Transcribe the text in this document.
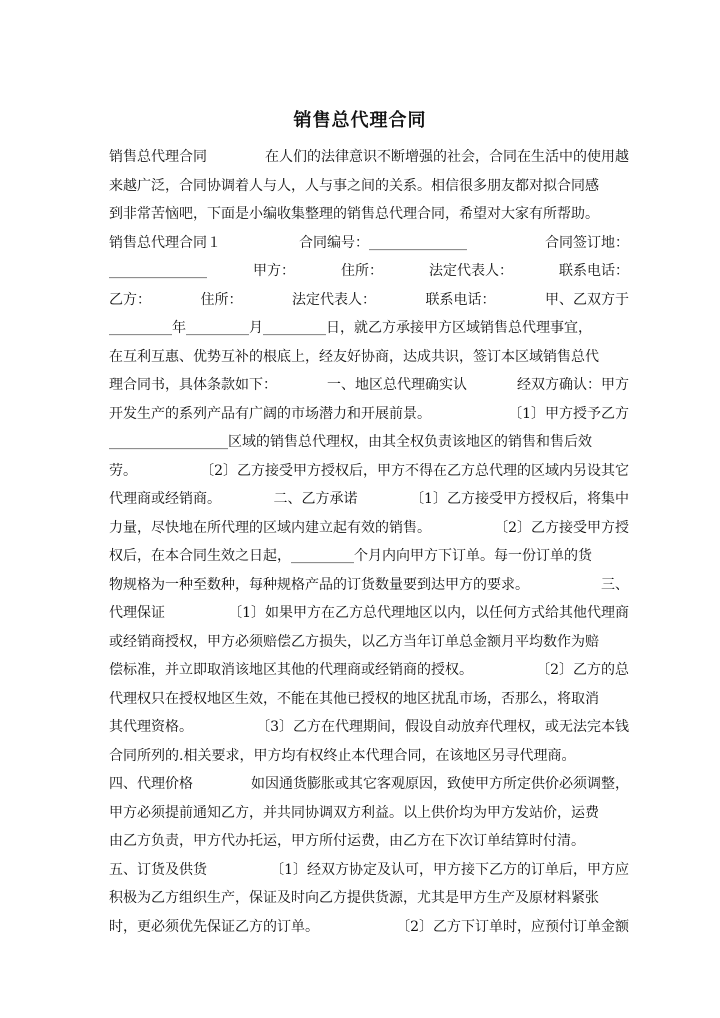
销售总代理合同
销售总代理合同	在人们的法律意识不断增强的社会，合同在生活中的使用越
来越广泛，合同协调着人与人，人与事之间的关系。相信很多朋友都对拟合同感
到非常苦恼吧，下面是小编收集整理的销售总代理合同，希望对大家有所帮助。
销售总代理合同１	合同编号：______________	合同签订地：
______________	甲方：	住所：	法定代表人：	联系电话：
乙方：	住所：	法定代表人：	联系电话：	甲、乙双方于
_________年_________月_________日，就乙方承接甲方区域销售总代理事宜，
在互利互惠、优势互补的根底上，经友好协商，达成共识，签订本区域销售总代
理合同书，具体条款如下：	一、地区总代理确实认	经双方确认：甲方
开发生产的系列产品有广阔的市场潜力和开展前景。	〔1〕甲方授予乙方
_________________区域的销售总代理权，由其全权负责该地区的销售和售后效
劳。	〔2〕乙方接受甲方授权后，甲方不得在乙方总代理的区域内另设其它
代理商或经销商。	二、乙方承诺	〔1〕乙方接受甲方授权后，将集中
力量，尽快地在所代理的区域内建立起有效的销售。	〔2〕乙方接受甲方授
权后，在本合同生效之日起，_________个月内向甲方下订单。每一份订单的货
物规格为一种至数种，每种规格产品的订货数量要到达甲方的要求。	三、
代理保证	〔1〕如果甲方在乙方总代理地区以内，以任何方式给其他代理商
或经销商授权，甲方必须赔偿乙方损失，以乙方当年订单总金额月平均数作为赔
偿标准，并立即取消该地区其他的代理商或经销商的授权。	〔2〕乙方的总
代理权只在授权地区生效，不能在其他已授权的地区扰乱市场，否那么，将取消
其代理资格。	〔3〕乙方在代理期间，假设自动放弃代理权，或无法完本钱
合同所列的.相关要求，甲方均有权终止本代理合同，在该地区另寻代理商。
四、代理价格	如因通货膨胀或其它客观原因，致使甲方所定供价必须调整，
甲方必须提前通知乙方，并共同协调双方利益。以上供价均为甲方发站价，运费
由乙方负责，甲方代办托运，甲方所付运费，由乙方在下次订单结算时付清。
五、订货及供货	〔1〕经双方协定及认可，甲方接下乙方的订单后，甲方应
积极为乙方组织生产，保证及时向乙方提供货源，尤其是甲方生产及原材料紧张
时，更必须优先保证乙方的订单。	〔2〕乙方下订单时，应预付订单金额
